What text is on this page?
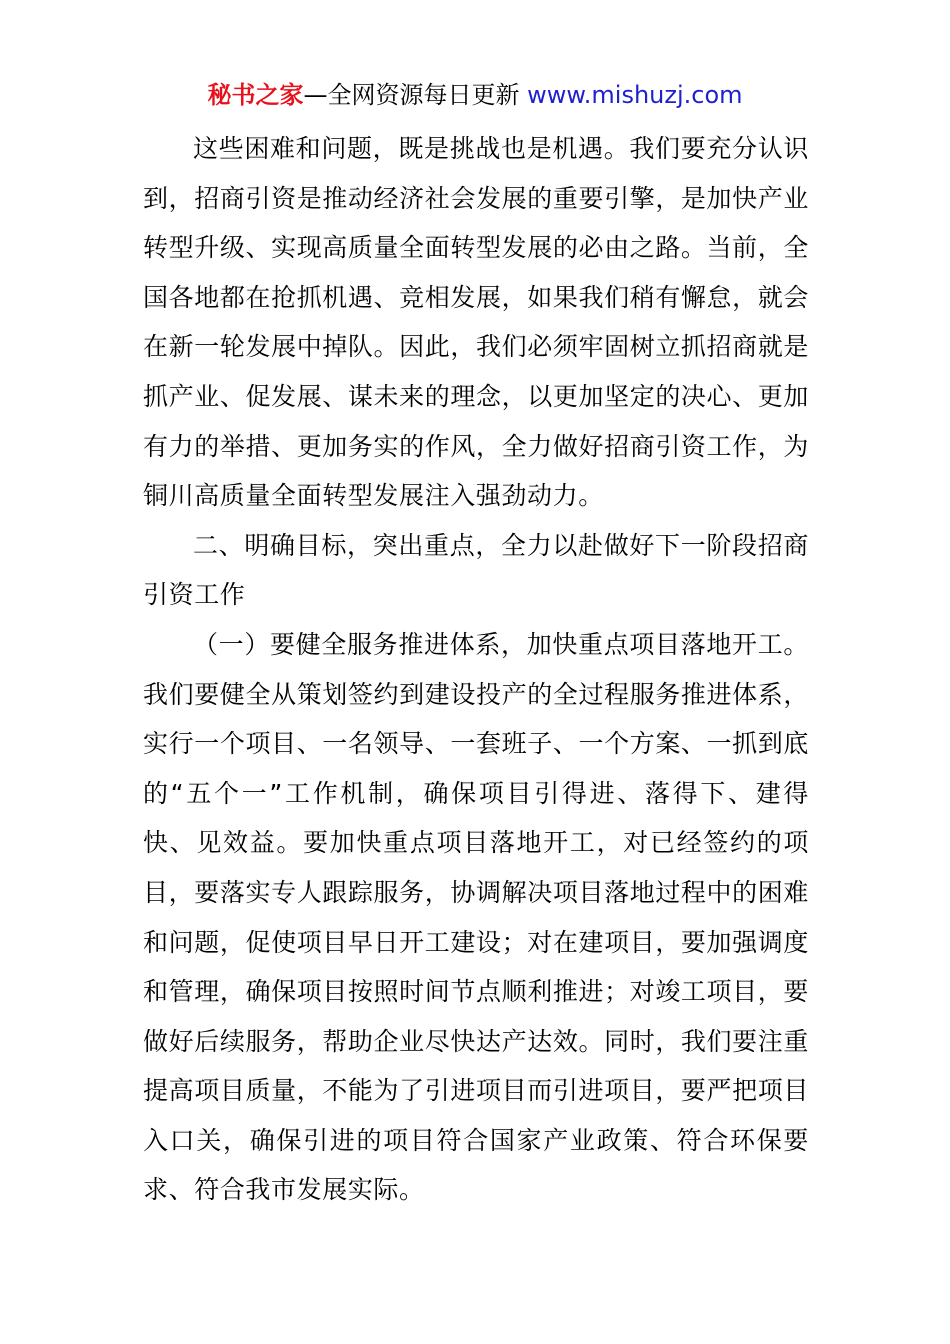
秘书之家—全网资源每日更新 www.mishuzj.com

这些困难和问题，既是挑战也是机遇。我们要充分认识到，招商引资是推动经济社会发展的重要引擎，是加快产业转型升级、实现高质量全面转型发展的必由之路。当前，全国各地都在抢抓机遇、竞相发展，如果我们稍有懈怠，就会在新一轮发展中掉队。因此，我们必须牢固树立抓招商就是抓产业、促发展、谋未来的理念，以更加坚定的决心、更加有力的举措、更加务实的作风，全力做好招商引资工作，为铜川高质量全面转型发展注入强劲动力。

二、明确目标，突出重点，全力以赴做好下一阶段招商引资工作

（一）要健全服务推进体系，加快重点项目落地开工。我们要健全从策划签约到建设投产的全过程服务推进体系，实行一个项目、一名领导、一套班子、一个方案、一抓到底的“五个一”工作机制，确保项目引得进、落得下、建得快、见效益。要加快重点项目落地开工，对已经签约的项目，要落实专人跟踪服务，协调解决项目落地过程中的困难和问题，促使项目早日开工建设；对在建项目，要加强调度和管理，确保项目按照时间节点顺利推进；对竣工项目，要做好后续服务，帮助企业尽快达产达效。同时，我们要注重提高项目质量，不能为了引进项目而引进项目，要严把项目入口关，确保引进的项目符合国家产业政策、符合环保要求、符合我市发展实际。
